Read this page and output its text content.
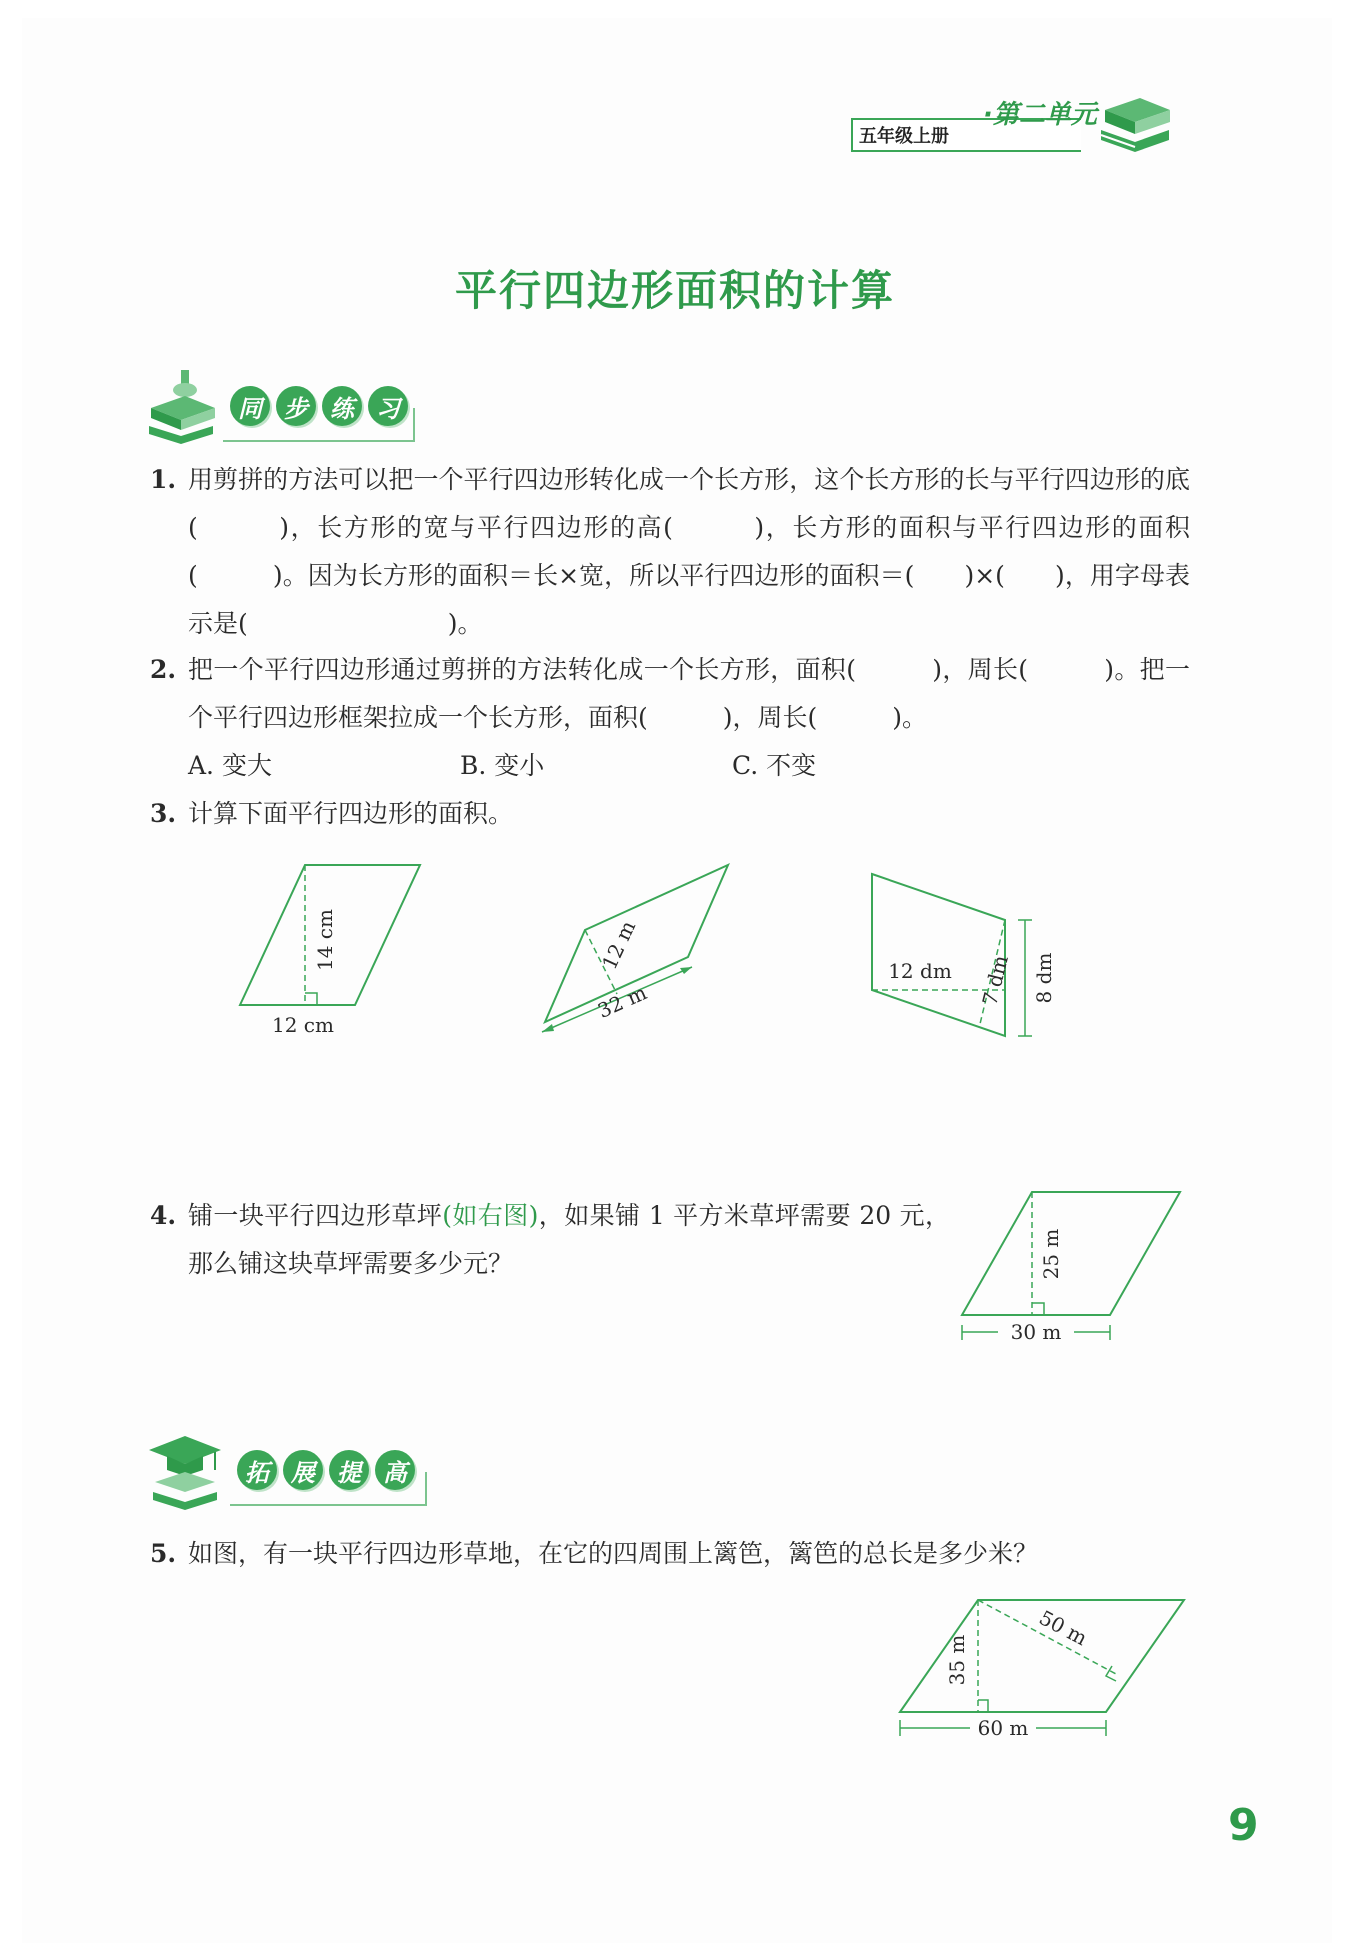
五年级上册
·第二单元
平行四边形面积的计算
同 步 练 习
1. 用剪拼的方法可以把一个平行四边形转化成一个长方形，这个长方形的长与平行四边形的底(　　　)，长方形的宽与平行四边形的高(　　　)，长方形的面积与平行四边形的面积(　　　)。因为长方形的面积＝长×宽，所以平行四边形的面积＝(　　)×(　　)，用字母表示是(　　　　　　　　)。
2. 把一个平行四边形通过剪拼的方法转化成一个长方形，面积(　　　)，周长(　　　)。把一个平行四边形框架拉成一个长方形，面积(　　　)，周长(　　　)。
A. 变大	B. 变小	C. 不变
3. 计算下面平行四边形的面积。
14 cm
12 cm
12 m
32 m
12 dm 7 dm 8 dm
4. 铺一块平行四边形草坪(如右图)，如果铺 1 平方米草坪需要 20 元，那么铺这块草坪需要多少元？	25 m
30 m
拓 展 提 高
5. 如图，有一块平行四边形草地，在它的四周围上篱笆，篱笆的总长是多少米？
35 m
50 m
60 m
9
